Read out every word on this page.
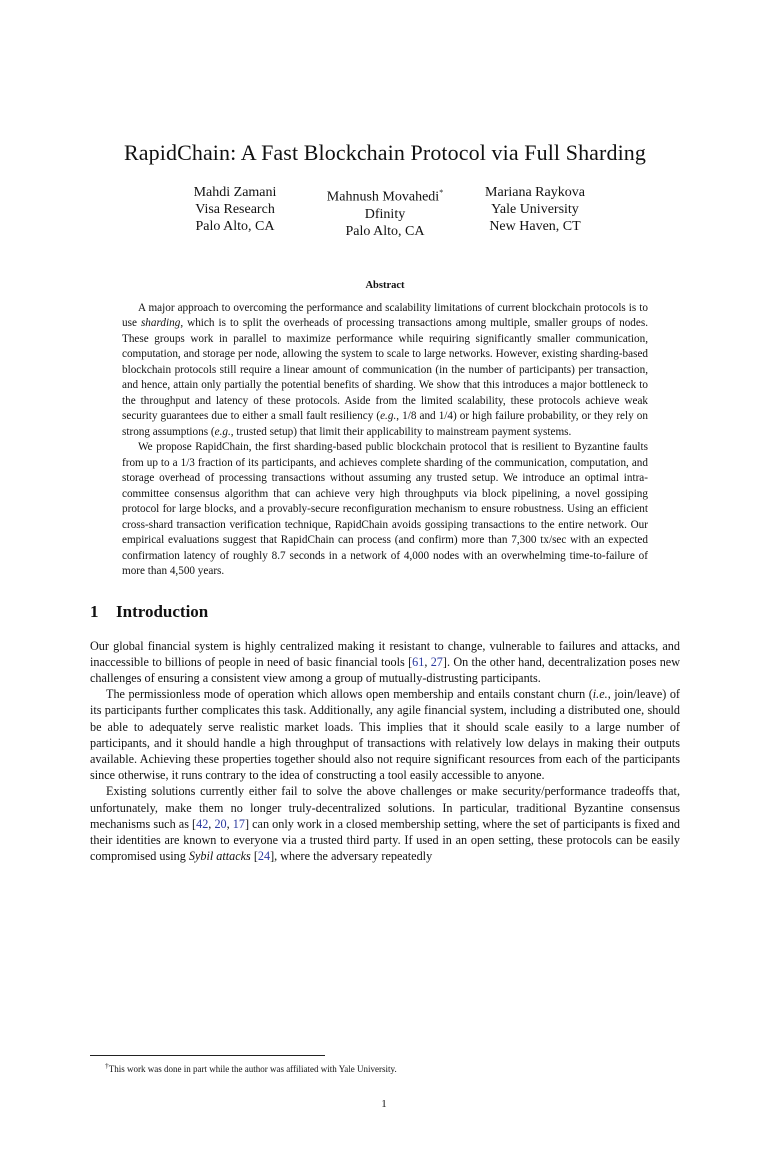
RapidChain: A Fast Blockchain Protocol via Full Sharding
Mahdi Zamani
Visa Research
Palo Alto, CA
Mahnush Movahedi*
Dfinity
Palo Alto, CA
Mariana Raykova
Yale University
New Haven, CT
Abstract

A major approach to overcoming the performance and scalability limitations of current blockchain protocols is to use sharding, which is to split the overheads of processing transactions among multiple, smaller groups of nodes. These groups work in parallel to maximize performance while requiring significantly smaller communication, computation, and storage per node, allowing the system to scale to large networks. However, existing sharding-based blockchain protocols still require a linear amount of communication (in the number of participants) per transaction, and hence, attain only partially the potential benefits of sharding. We show that this introduces a major bottleneck to the throughput and latency of these protocols. Aside from the limited scalability, these protocols achieve weak security guarantees due to either a small fault resiliency (e.g., 1/8 and 1/4) or high failure probability, or they rely on strong assumptions (e.g., trusted setup) that limit their applicability to mainstream payment systems.

We propose RapidChain, the first sharding-based public blockchain protocol that is resilient to Byzantine faults from up to a 1/3 fraction of its participants, and achieves complete sharding of the communication, computation, and storage overhead of processing transactions without assuming any trusted setup. We introduce an optimal intra-committee consensus algorithm that can achieve very high throughputs via block pipelining, a novel gossiping protocol for large blocks, and a provably-secure reconfiguration mechanism to ensure robustness. Using an efficient cross-shard transaction verification technique, RapidChain avoids gossiping transactions to the entire network. Our empirical evaluations suggest that RapidChain can process (and confirm) more than 7,300 tx/sec with an expected confirmation latency of roughly 8.7 seconds in a network of 4,000 nodes with an overwhelming time-to-failure of more than 4,500 years.

1 Introduction

Our global financial system is highly centralized making it resistant to change, vulnerable to failures and attacks, and inaccessible to billions of people in need of basic financial tools [61, 27]. On the other hand, decentralization poses new challenges of ensuring a consistent view among a group of mutually-distrusting participants.

The permissionless mode of operation which allows open membership and entails constant churn (i.e., join/leave) of its participants further complicates this task. Additionally, any agile financial system, including a distributed one, should be able to adequately serve realistic market loads. This implies that it should scale easily to a large number of participants, and it should handle a high throughput of transactions with relatively low delays in making their outputs available. Achieving these properties together should also not require significant resources from each of the participants since otherwise, it runs contrary to the idea of constructing a tool easily accessible to anyone.

Existing solutions currently either fail to solve the above challenges or make security/performance tradeoffs that, unfortunately, make them no longer truly-decentralized solutions. In particular, traditional Byzantine consensus mechanisms such as [42, 20, 17] can only work in a closed membership setting, where the set of participants is fixed and their identities are known to everyone via a trusted third party. If used in an open setting, these protocols can be easily compromised using Sybil attacks [24], where the adversary repeatedly

†This work was done in part while the author was affiliated with Yale University.
1
